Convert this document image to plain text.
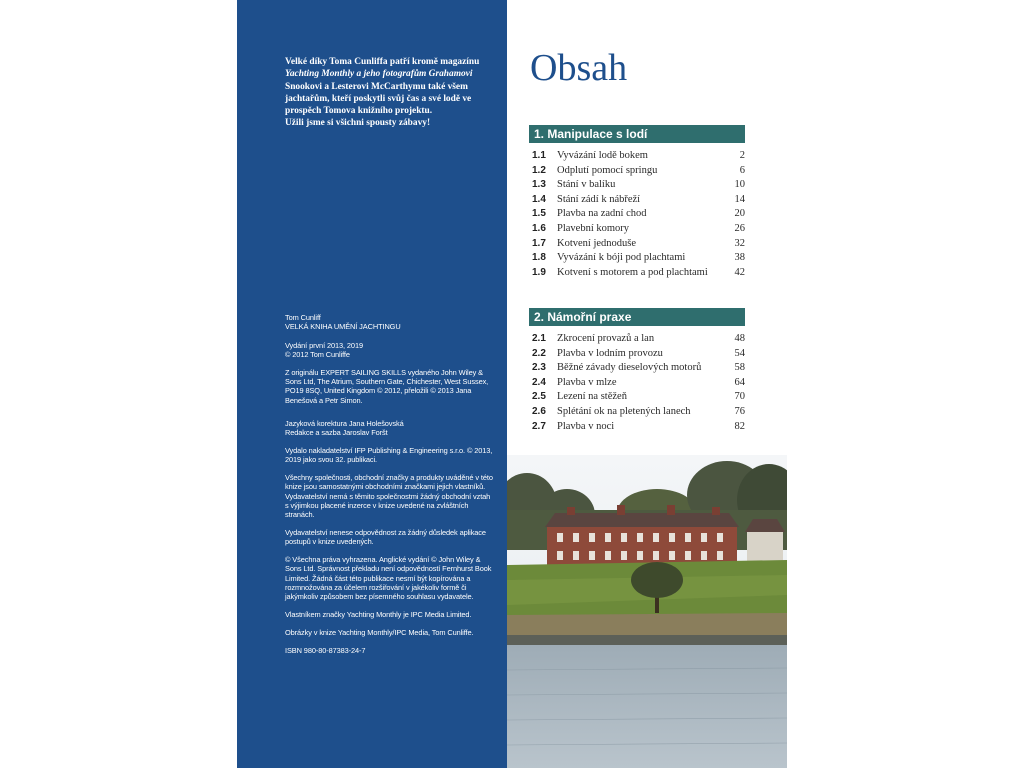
Velké díky Toma Cunliffa patří kromě magazínu

Yachting Monthly a jeho fotografům Grahamovi

Snookovi a Lesterovi McCarthymu také všem

jachtařům, kteří poskytli svůj čas a své lodě ve

prospěch Tomova knižního projektu.

Užili jsme si všichni spousty zábavy!

Tom Cunliff
VELKÁ KNIHA UMĚNÍ JACHTINGU

Vydání první 2013, 2019
© 2012 Tom Cunliffe

Z originálu EXPERT SAILING SKILLS vydaného John Wiley & Sons Ltd, The Atrium, Southern Gate, Chichester, West Sussex, PO19 8SQ, United Kingdom © 2012, přeložili © 2013 Jana Benešová a Petr Simon.

Jazyková korektura Jana Holešovská
Redakce a sazba Jaroslav Foršt

Vydalo nakladatelství IFP Publishing & Engineering s.r.o. © 2013, 2019 jako svou 32. publikaci.

Všechny společnosti, obchodní značky a produkty uváděné v této knize jsou samostatnými obchodními značkami jejich vlastníků. Vydavatelství nemá s těmito společnostmi žádný obchodní vztah s výjimkou placené inzerce v knize uvedené na zvláštních stranách.

Vydavatelství nenese odpovědnost za žádný důsledek aplikace postupů v knize uvedených.

© Všechna práva vyhrazena. Anglické vydání © John Wiley & Sons Ltd. Správnost překladu není odpovědností Fernhurst Book Limited. Žádná část této publikace nesmí být kopírována a rozmnožována za účelem rozšiřování v jakékoliv formě či jakýmkoliv způsobem bez písemného souhlasu vydavatele.

Vlastníkem značky Yachting Monthly je IPC Media Limited.

Obrázky v knize Yachting Monthly/IPC Media, Tom Cunliffe.

ISBN 980-80-87383-24-7

Obsah
1. Manipulace s lodí
1.1 Vyvázání lodě bokem	2
1.2 Odplutí pomocí springu	6
1.3 Stání v balíku	10
1.4 Stání zádí k nábřeží	14
1.5 Plavba na zadní chod	20
1.6 Plavební komory	26
1.7 Kotvení jednoduše	32
1.8 Vyvázání k bóji pod plachtami	38
1.9 Kotvení s motorem a pod plachtami	42
2. Námořní praxe
2.1 Zkrocení provazů a lan	48
2.2 Plavba v lodním provozu	54
2.3 Běžné závady dieselových motorů	58
2.4 Plavba v mlze	64
2.5 Lezení na stěžeň	70
2.6 Splétání ok na pletených lanech	76
2.7 Plavba v noci	82
